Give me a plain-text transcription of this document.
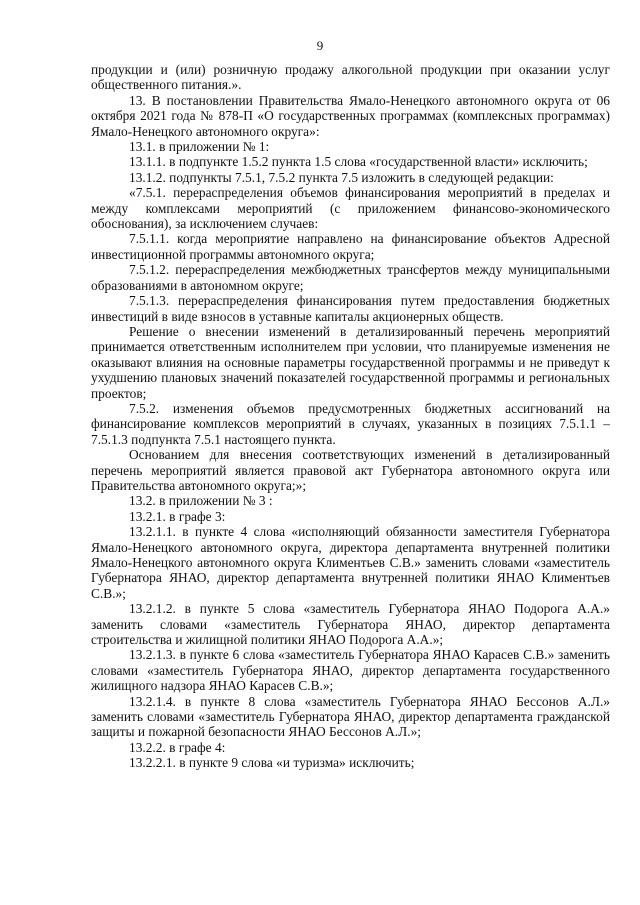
9

продукции и (или) розничную продажу алкогольной продукции при оказании услуг общественного питания.».

13. В постановлении Правительства Ямало-Ненецкого автономного округа от 06 октября 2021 года № 878-П «О государственных программах (комплексных программах) Ямало-Ненецкого автономного округа»:

13.1. в приложении № 1:

13.1.1. в подпункте 1.5.2 пункта 1.5 слова «государственной власти» исключить;

13.1.2. подпункты 7.5.1, 7.5.2 пункта 7.5 изложить в следующей редакции:

«7.5.1. перераспределения объемов финансирования мероприятий в пределах и между комплексами мероприятий (с приложением финансово-экономического обоснования), за исключением случаев:

7.5.1.1. когда мероприятие направлено на финансирование объектов Адресной инвестиционной программы автономного округа;

7.5.1.2. перераспределения межбюджетных трансфертов между муниципальными образованиями в автономном округе;

7.5.1.3. перераспределения финансирования путем предоставления бюджетных инвестиций в виде взносов в уставные капиталы акционерных обществ.

Решение о внесении изменений в детализированный перечень мероприятий принимается ответственным исполнителем при условии, что планируемые изменения не оказывают влияния на основные параметры государственной программы и не приведут к ухудшению плановых значений показателей государственной программы и региональных проектов;

7.5.2. изменения объемов предусмотренных бюджетных ассигнований на финансирование комплексов мероприятий в случаях, указанных в позициях 7.5.1.1 – 7.5.1.3 подпункта 7.5.1 настоящего пункта.

Основанием для внесения соответствующих изменений в детализированный перечень мероприятий является правовой акт Губернатора автономного округа или Правительства автономного округа;»;

13.2. в приложении № 3 :

13.2.1. в графе 3:

13.2.1.1. в пункте 4 слова «исполняющий обязанности заместителя Губернатора Ямало-Ненецкого автономного округа, директора департамента внутренней политики Ямало-Ненецкого автономного округа Климентьев С.В.» заменить словами «заместитель Губернатора ЯНАО, директор департамента внутренней политики ЯНАО Климентьев С.В.»;

13.2.1.2. в пункте 5 слова «заместитель Губернатора ЯНАО Подорога А.А.» заменить словами «заместитель Губернатора ЯНАО, директор департамента строительства и жилищной политики ЯНАО Подорога А.А.»;

13.2.1.3. в пункте 6 слова «заместитель Губернатора ЯНАО Карасев С.В.» заменить словами «заместитель Губернатора ЯНАО, директор департамента государственного жилищного надзора ЯНАО Карасев С.В.»;

13.2.1.4. в пункте 8 слова «заместитель Губернатора ЯНАО Бессонов А.Л.» заменить словами «заместитель Губернатора ЯНАО, директор департамента гражданской защиты и пожарной безопасности ЯНАО Бессонов А.Л.»;

13.2.2. в графе 4:

13.2.2.1. в пункте 9 слова «и туризма» исключить;
